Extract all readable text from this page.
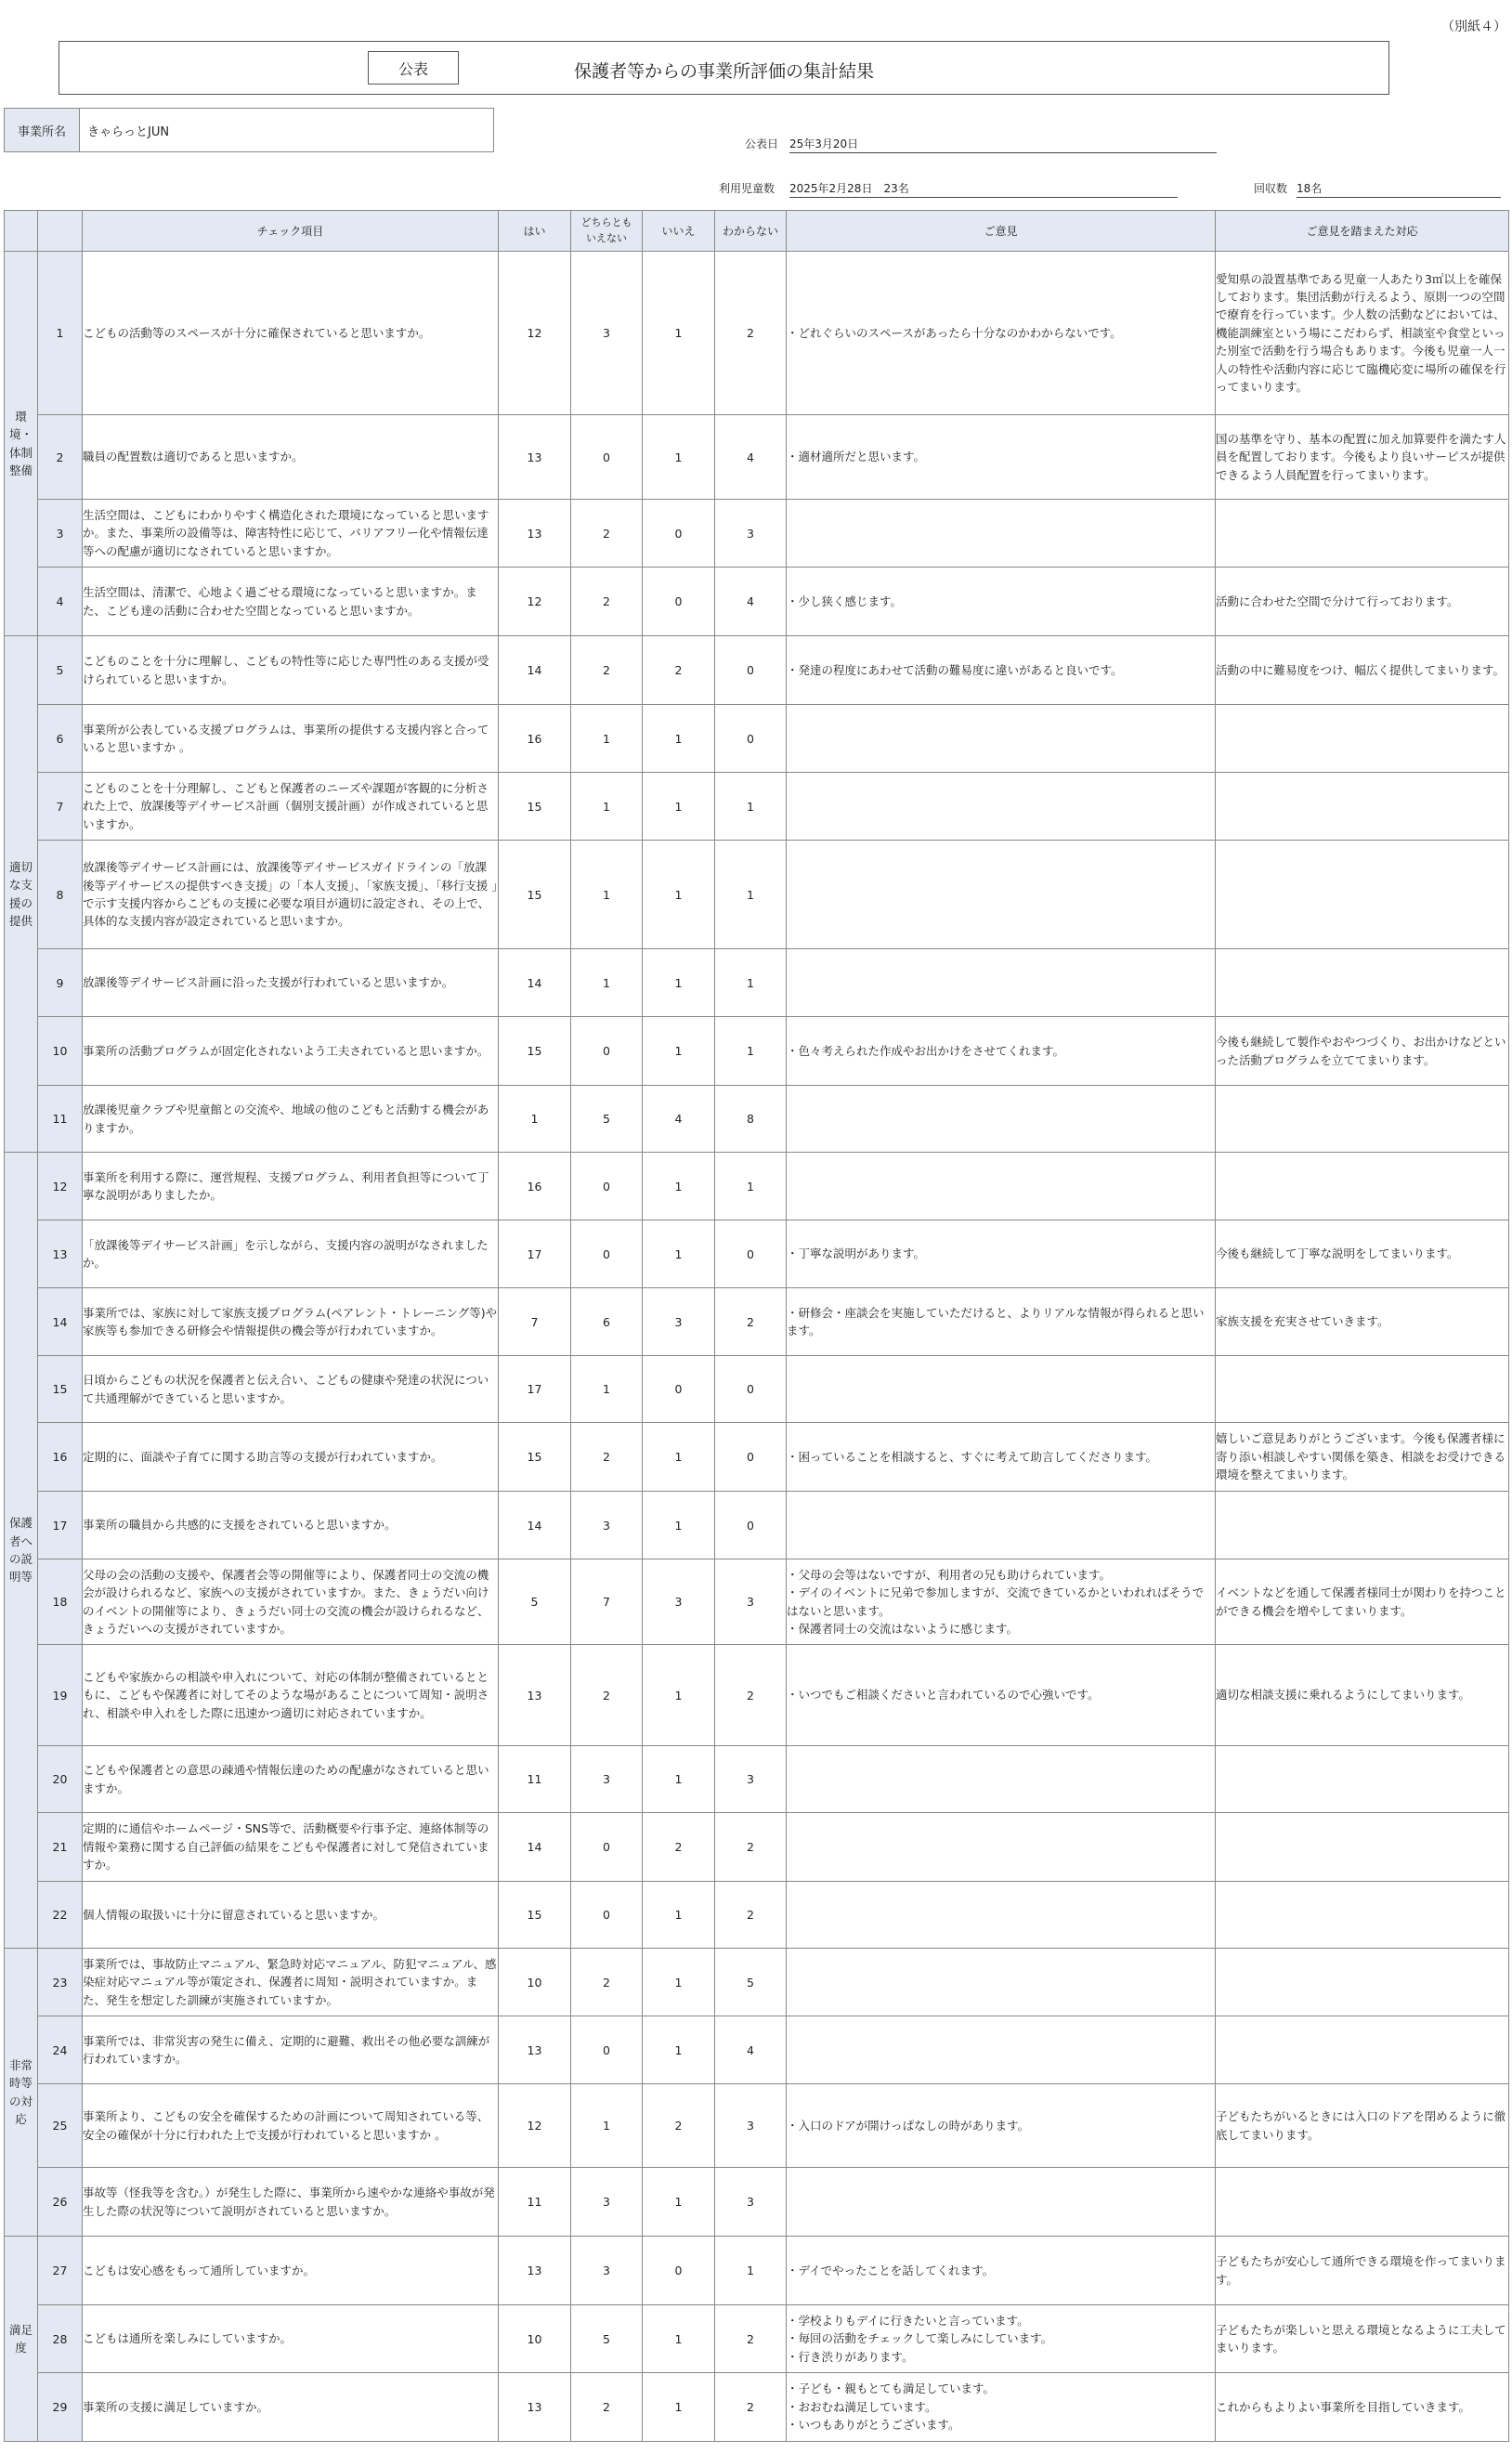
（別紙４）
公表	保護者等からの事業所評価の集計結果
事業所名	きゃらっとJUN
公表日 25年3月20日
利用児童数 2025年2月28日 23名	回収数 18名
		チェック項目	はい	どちらとも
いえない	いいえ	わからない	ご意見	ご意見を踏まえた対応
環
境・
体制
整備	1	こどもの活動等のスペースが十分に確保されていると思いますか。	12	3	1	2	・どれぐらいのスペースがあったら十分なのかわからないです。	愛知県の設置基準である児童一人あたり3㎡以上を確保しております。集団活動が行えるよう、原則一つの空間で療育を行っています。少人数の活動などにおいては、機能訓練室という場にこだわらず、相談室や食堂といった別室で活動を行う場合もあります。今後も児童一人一人の特性や活動内容に応じて臨機応変に場所の確保を行ってまいります。
	2	職員の配置数は適切であると思いますか。	13	0	1	4	・適材適所だと思います。	国の基準を守り、基本の配置に加え加算要件を満たす人員を配置しております。今後もより良いサービスが提供できるよう人員配置を行ってまいります。
	3	生活空間は、こどもにわかりやすく構造化された環境になっていると思いますか。また、事業所の設備等は、障害特性に応じて、バリアフリー化や情報伝達等への配慮が適切になされていると思いますか。	13	2	0	3		
	4	生活空間は、清潔で、心地よく過ごせる環境になっていると思いますか。また、こども達の活動に合わせた空間となっていると思いますか。	12	2	0	4	・少し狭く感じます。	活動に合わせた空間で分けて行っております。
適切
な支
援の
提供	5	こどものことを十分に理解し、こどもの特性等に応じた専門性のある支援が受けられていると思いますか。	14	2	2	0	・発達の程度にあわせて活動の難易度に違いがあると良いです。	活動の中に難易度をつけ、幅広く提供してまいります。
	6	事業所が公表している支援プログラムは、事業所の提供する支援内容と合っていると思いますか 。	16	1	1	0		
	7	こどものことを十分理解し、こどもと保護者のニーズや課題が客観的に分析された上で、放課後等デイサービス計画（個別支援計画）が作成されていると思いますか。	15	1	1	1		
	8	放課後等デイサービス計画には、放課後等デイサービスガイドラインの「放課後等デイサービスの提供すべき支援」の「本人支援」、「家族支援」、「移行支援 」で示す支援内容からこどもの支援に必要な項目が適切に設定され、その上で、具体的な支援内容が設定されていると思いますか。	15	1	1	1		
	9	放課後等デイサービス計画に沿った支援が行われていると思いますか。	14	1	1	1		
	10	事業所の活動プログラムが固定化されないよう工夫されていると思いますか。	15	0	1	1	・色々考えられた作成やお出かけをさせてくれます。	今後も継続して製作やおやつづくり、お出かけなどといった活動プログラムを立ててまいります。
	11	放課後児童クラブや児童館との交流や、地域の他のこどもと活動する機会がありますか。	1	5	4	8		
保護
者へ
の説
明等	12	事業所を利用する際に、運営規程、支援プログラム、利用者負担等について丁寧な説明がありましたか。	16	0	1	1		
	13	「放課後等デイサービス計画」を示しながら、支援内容の説明がなされましたか。	17	0	1	0	・丁寧な説明があります。	今後も継続して丁寧な説明をしてまいります。
	14	事業所では、家族に対して家族支援プログラム(ペアレント・トレーニング等)や家族等も参加できる研修会や情報提供の機会等が行われていますか。	7	6	3	2	・研修会・座談会を実施していただけると、よりリアルな情報が得られると思います。	家族支援を充実させていきます。
	15	日頃からこどもの状況を保護者と伝え合い、こどもの健康や発達の状況について共通理解ができていると思いますか。	17	1	0	0		
	16	定期的に、面談や子育てに関する助言等の支援が行われていますか。	15	2	1	0	・困っていることを相談すると、すぐに考えて助言してくださります。	嬉しいご意見ありがとうございます。今後も保護者様に寄り添い相談しやすい関係を築き、相談をお受けできる環境を整えてまいります。
	17	事業所の職員から共感的に支援をされていると思いますか。	14	3	1	0		
	18	父母の会の活動の支援や、保護者会等の開催等により、保護者同士の交流の機会が設けられるなど、家族への支援がされていますか。また、きょうだい向けのイベントの開催等により、きょうだい同士の交流の機会が設けられるなど、きょうだいへの支援がされていますか。	5	7	3	3	・父母の会等はないですが、利用者の兄も助けられています。
・デイのイベントに兄弟で参加しますが、交流できているかといわれればそうではないと思います。
・保護者同士の交流はないように感じます。	イベントなどを通して保護者様同士が関わりを持つことができる機会を増やしてまいります。
	19	こどもや家族からの相談や申入れについて、対応の体制が整備されているとともに、こどもや保護者に対してそのような場があることについて周知・説明され、相談や申入れをした際に迅速かつ適切に対応されていますか。	13	2	1	2	・いつでもご相談くださいと言われているので心強いです。	適切な相談支援に乗れるようにしてまいります。
	20	こどもや保護者との意思の疎通や情報伝達のための配慮がなされていると思いますか。	11	3	1	3		
	21	定期的に通信やホームページ・SNS等で、活動概要や行事予定、連絡体制等の情報や業務に関する自己評価の結果をこどもや保護者に対して発信されていますか。	14	0	2	2		
	22	個人情報の取扱いに十分に留意されていると思いますか。	15	0	1	2		
非常
時等
の対
応	23	事業所では、事故防止マニュアル、緊急時対応マニュアル、防犯マニュアル、感染症対応マニュアル等が策定され、保護者に周知・説明されていますか。また、発生を想定した訓練が実施されていますか。	10	2	1	5		
	24	事業所では、非常災害の発生に備え、定期的に避難、救出その他必要な訓練が行われていますか。	13	0	1	4		
	25	事業所より、こどもの安全を確保するための計画について周知されている等、安全の確保が十分に行われた上で支援が行われていると思いますか 。	12	1	2	3	・入口のドアが開けっぱなしの時があります。	子どもたちがいるときには入口のドアを閉めるように徹底してまいります。
	26	事故等（怪我等を含む。）が発生した際に、事業所から速やかな連絡や事故が発生した際の状況等について説明がされていると思いますか。	11	3	1	3		
満足
度	27	こどもは安心感をもって通所していますか。	13	3	0	1	・デイでやったことを話してくれます。	子どもたちが安心して通所できる環境を作ってまいります。
	28	こどもは通所を楽しみにしていますか。	10	5	1	2	・学校よりもデイに行きたいと言っています。
・毎回の活動をチェックして楽しみにしています。
・行き渋りがあります。	子どもたちが楽しいと思える環境となるように工夫してまいります。
	29	事業所の支援に満足していますか。	13	2	1	2	・子ども・親もとても満足しています。
・おおむね満足しています。
・いつもありがとうございます。	これからもよりよい事業所を目指していきます。
